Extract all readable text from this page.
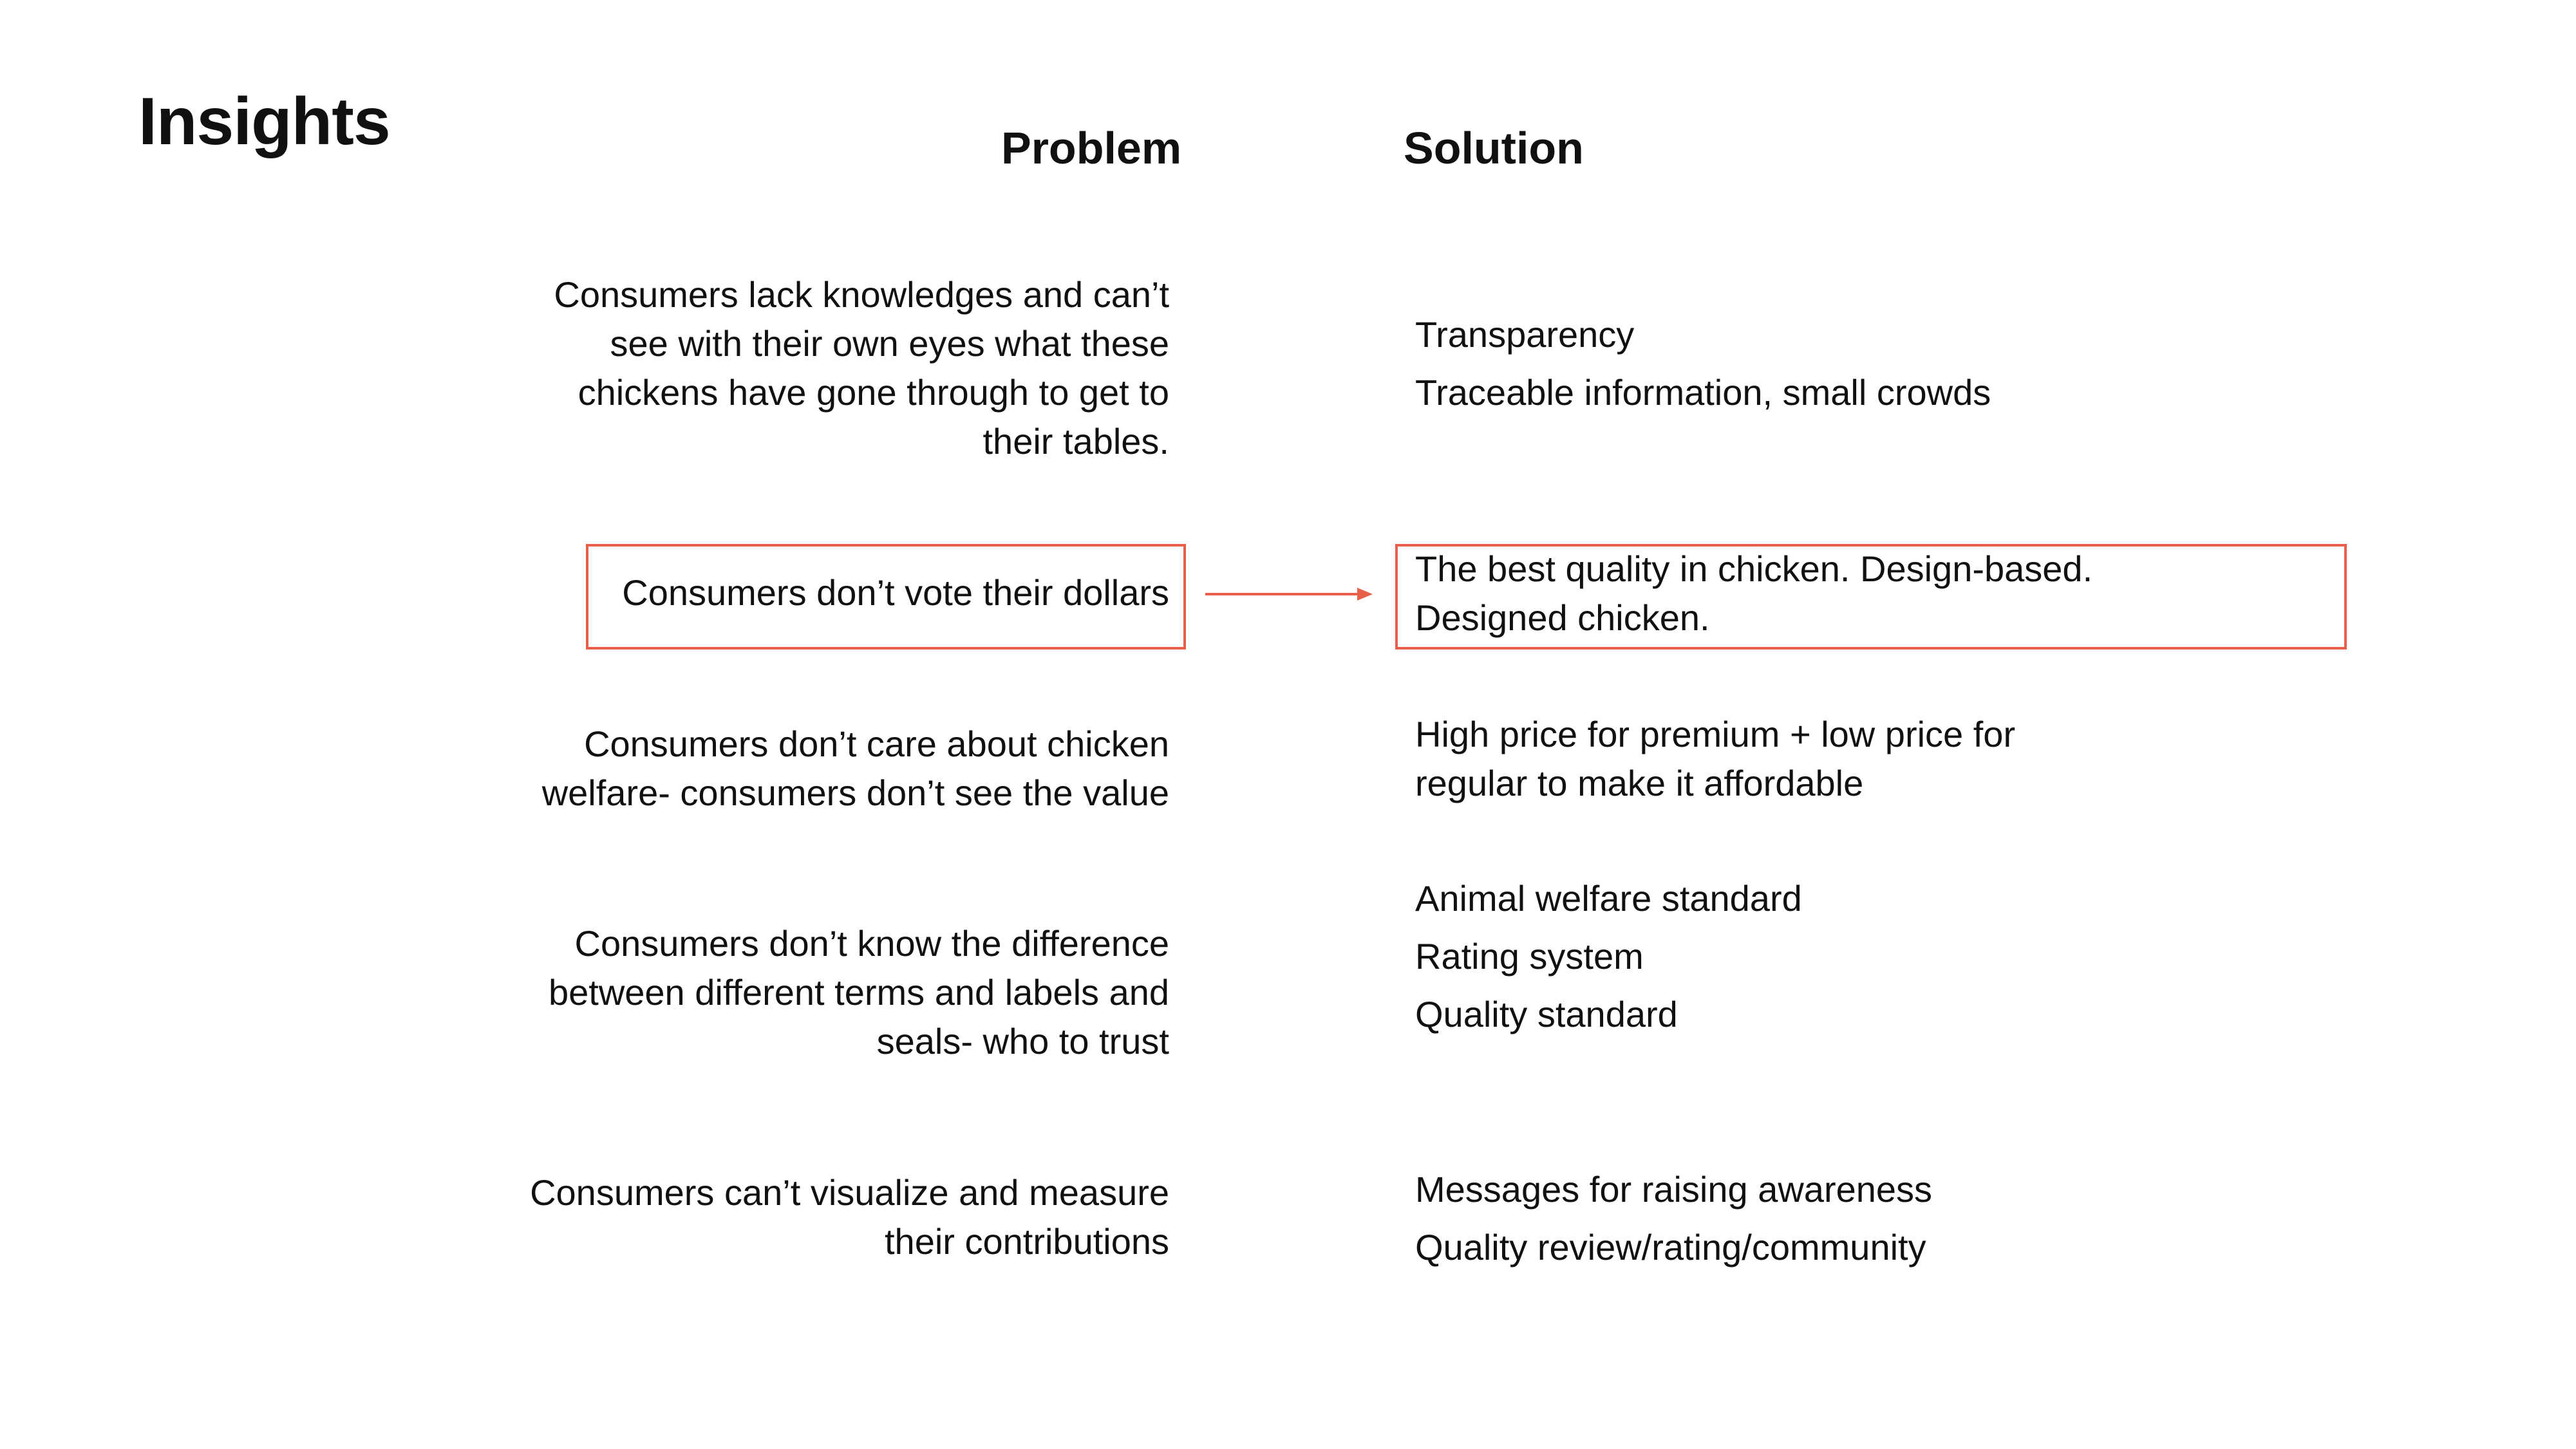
Insights	Problem	Solution
Consumers lack knowledges and can’t see with their own eyes what these chickens have gone through to get to their tables.
Transparency
Traceable information, small crowds
Consumers don’t vote their dollars
The best quality in chicken. Design-based.
Designed chicken.
Consumers don’t care about chicken welfare- consumers don’t see the value
High price for premium + low price for
regular to make it affordable
Consumers don’t know the difference between different terms and labels and seals- who to trust
Animal welfare standard
Rating system
Quality standard
Consumers can’t visualize and measure their contributions
Messages for raising awareness
Quality review/rating/community
